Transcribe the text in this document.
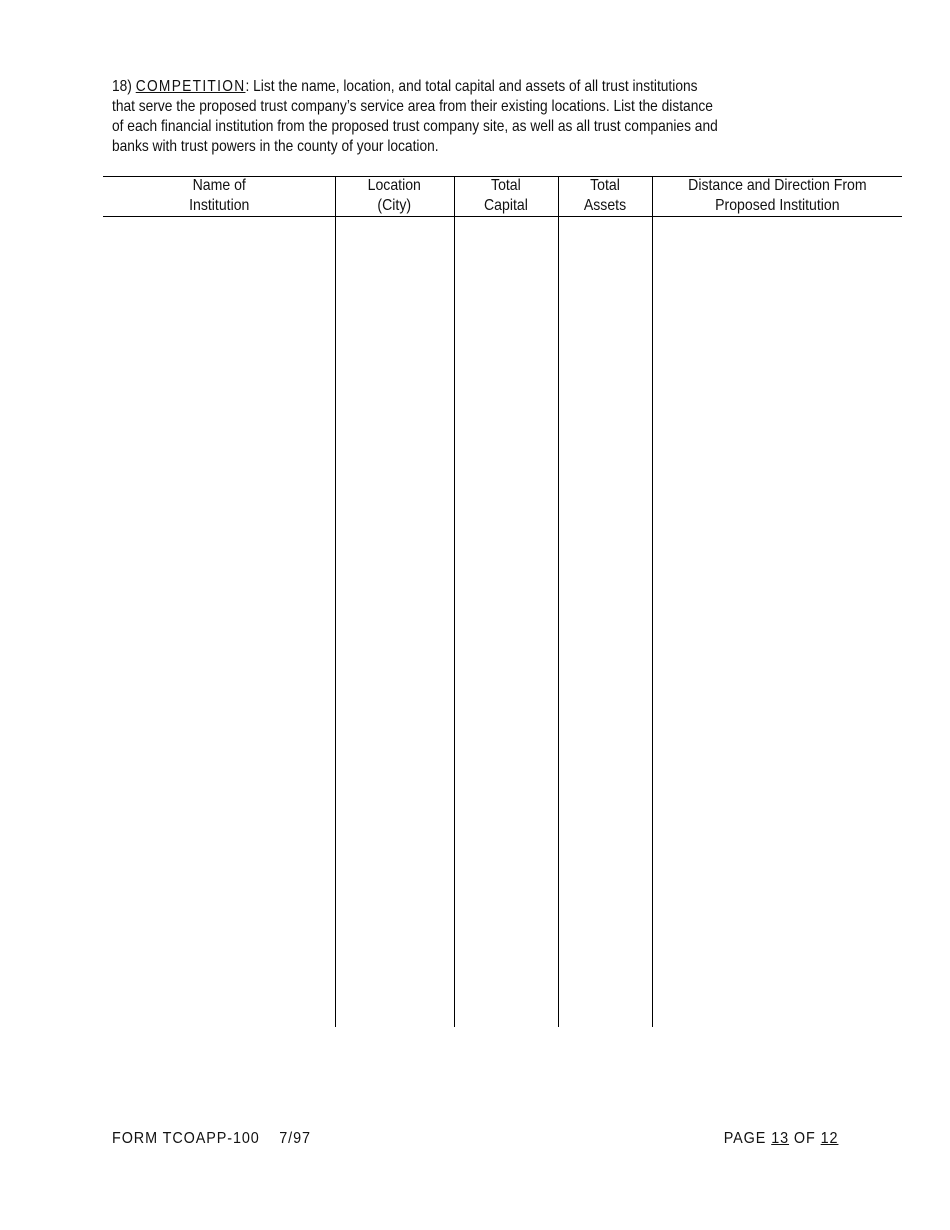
18) COMPETITION: List the name, location, and total capital and assets of all trust institutions
that serve the proposed trust company’s service area from their existing locations. List the distance
of each financial institution from the proposed trust company site, as well as all trust companies and
banks with trust powers in the county of your location.
Name of
Institution
Location
(City)
Total
Capital
Total
Assets
Distance and Direction From
Proposed Institution
FORM TCOAPP-100 7/97	PAGE 13 OF 12
